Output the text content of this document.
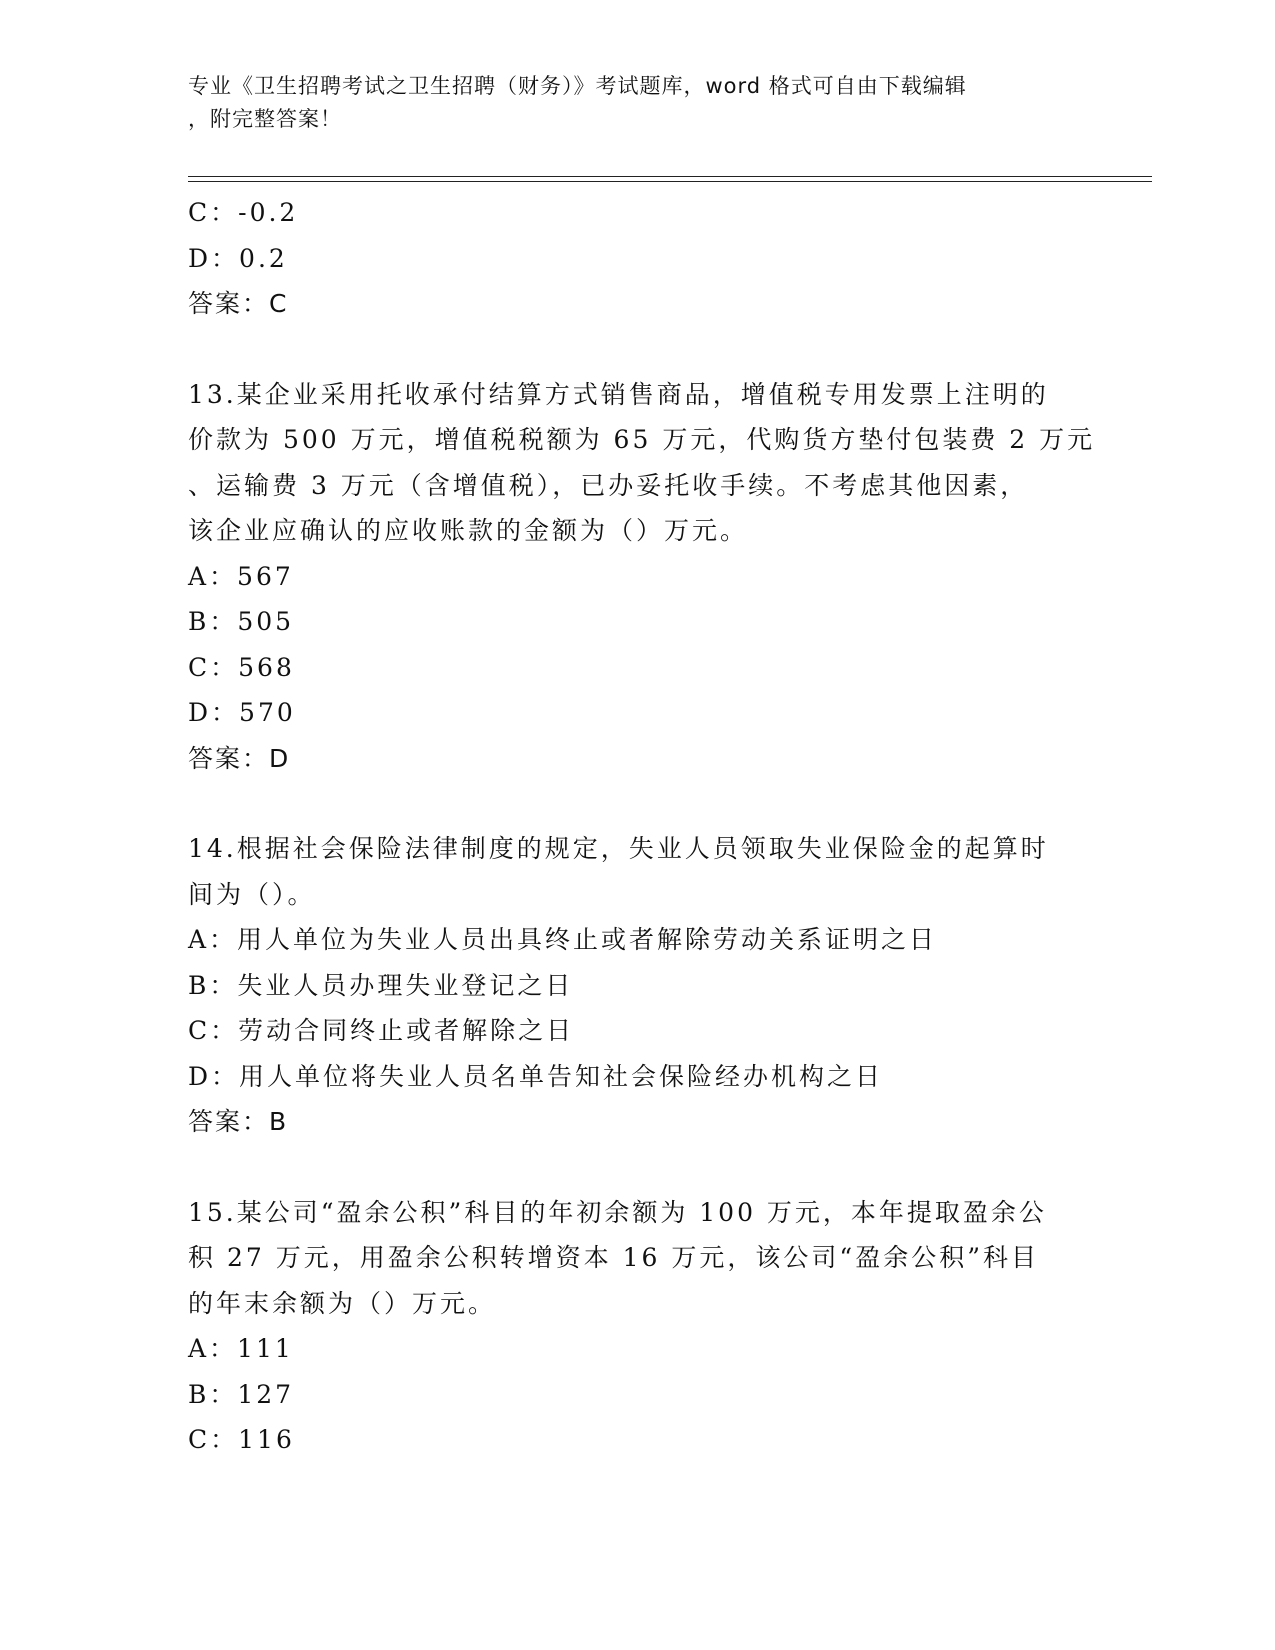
专业《卫生招聘考试之卫生招聘（财务）》考试题库，word 格式可自由下载编辑
，附完整答案！
C：-0.2
D：0.2
答案：C
13.某企业采用托收承付结算方式销售商品，增值税专用发票上注明的
价款为 500 万元，增值税税额为 65 万元，代购货方垫付包装费 2 万元
、运输费 3 万元（含增值税），已办妥托收手续。不考虑其他因素，
该企业应确认的应收账款的金额为（）万元。
A：567
B：505
C：568
D：570
答案：D
14.根据社会保险法律制度的规定，失业人员领取失业保险金的起算时
间为（）。
A：用人单位为失业人员出具终止或者解除劳动关系证明之日
B：失业人员办理失业登记之日
C：劳动合同终止或者解除之日
D：用人单位将失业人员名单告知社会保险经办机构之日
答案：B
15.某公司“盈余公积”科目的年初余额为 100 万元，本年提取盈余公
积 27 万元，用盈余公积转增资本 16 万元，该公司“盈余公积”科目
的年末余额为（）万元。
A：111
B：127
C：116
